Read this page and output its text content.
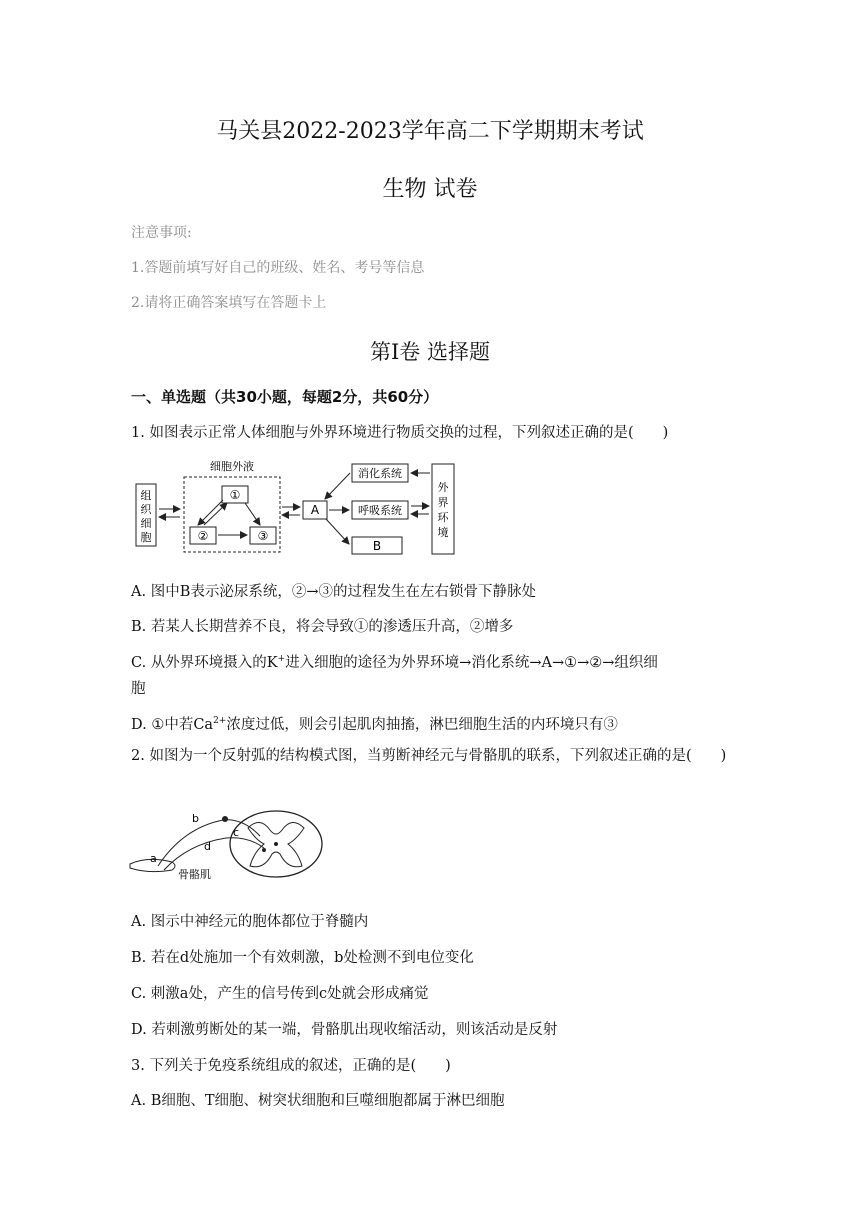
马关县2022-2023学年高二下学期期末考试
生物 试卷
注意事项:
1.答题前填写好自己的班级、姓名、考号等信息
2.请将正确答案填写在答题卡上
第Ⅰ卷 选择题
一、单选题（共30小题，每题2分，共60分）
1. 如图表示正常人体细胞与外界环境进行物质交换的过程，下列叙述正确的是(　　)
组
织
细
胞
细胞外液
①
②	③
A
消化系统
呼吸系统
B
外
界
环
境
A. 图中B表示泌尿系统，②→③的过程发生在左右锁骨下静脉处
B. 若某人长期营养不良，将会导致①的渗透压升高，②增多
C. 从外界环境摄入的K+进入细胞的途径为外界环境→消化系统→A→①→②→组织细
胞
D. ①中若$Ca^{2+}$浓度过低，则会引起肌肉抽搐，淋巴细胞生活的内环境只有③
2. 如图为一个反射弧的结构模式图，当剪断神经元与骨骼肌的联系，下列叙述正确的是(　　)
b
c
d
a
骨骼肌
A. 图示中神经元的胞体都位于脊髓内
B. 若在d处施加一个有效刺激，b处检测不到电位变化
C. 刺激a处，产生的信号传到c处就会形成痛觉
D. 若刺激剪断处的某一端，骨骼肌出现收缩活动，则该活动是反射
3. 下列关于免疫系统组成的叙述，正确的是(　　)
A. B细胞、T细胞、树突状细胞和巨噬细胞都属于淋巴细胞
